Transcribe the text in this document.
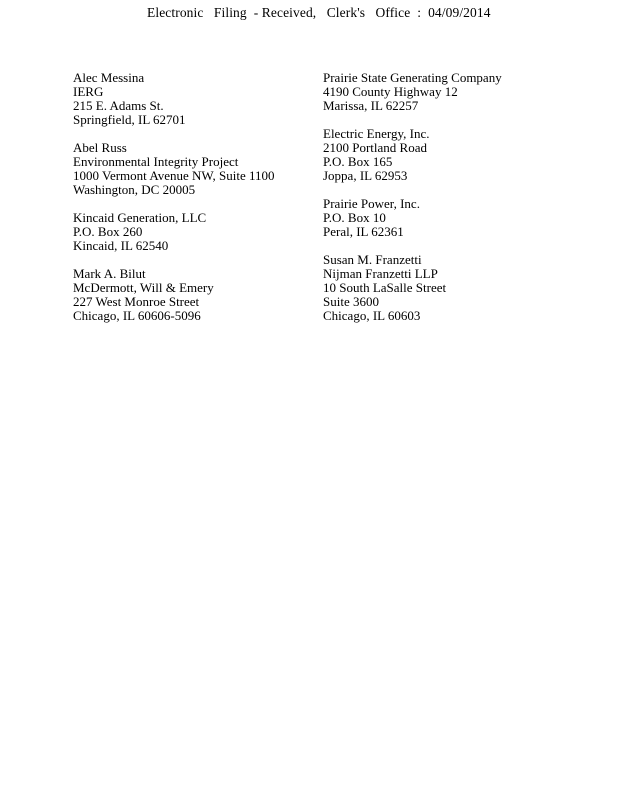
Electronic   Filing  - Received,   Clerk's   Office  :  04/09/2014
Alec Messina
IERG
215 E. Adams St.
Springfield, IL 62701
Abel Russ
Environmental Integrity Project
1000 Vermont Avenue NW, Suite 1100
Washington, DC 20005
Kincaid Generation, LLC
P.O. Box 260
Kincaid, IL 62540
Mark A. Bilut
McDermott, Will & Emery
227 West Monroe Street
Chicago, IL 60606-5096
Prairie State Generating Company
4190 County Highway 12
Marissa, IL 62257
Electric Energy, Inc.
2100 Portland Road
P.O. Box 165
Joppa, IL 62953
Prairie Power, Inc.
P.O. Box 10
Peral, IL 62361
Susan M. Franzetti
Nijman Franzetti LLP
10 South LaSalle Street
Suite 3600
Chicago, IL 60603
